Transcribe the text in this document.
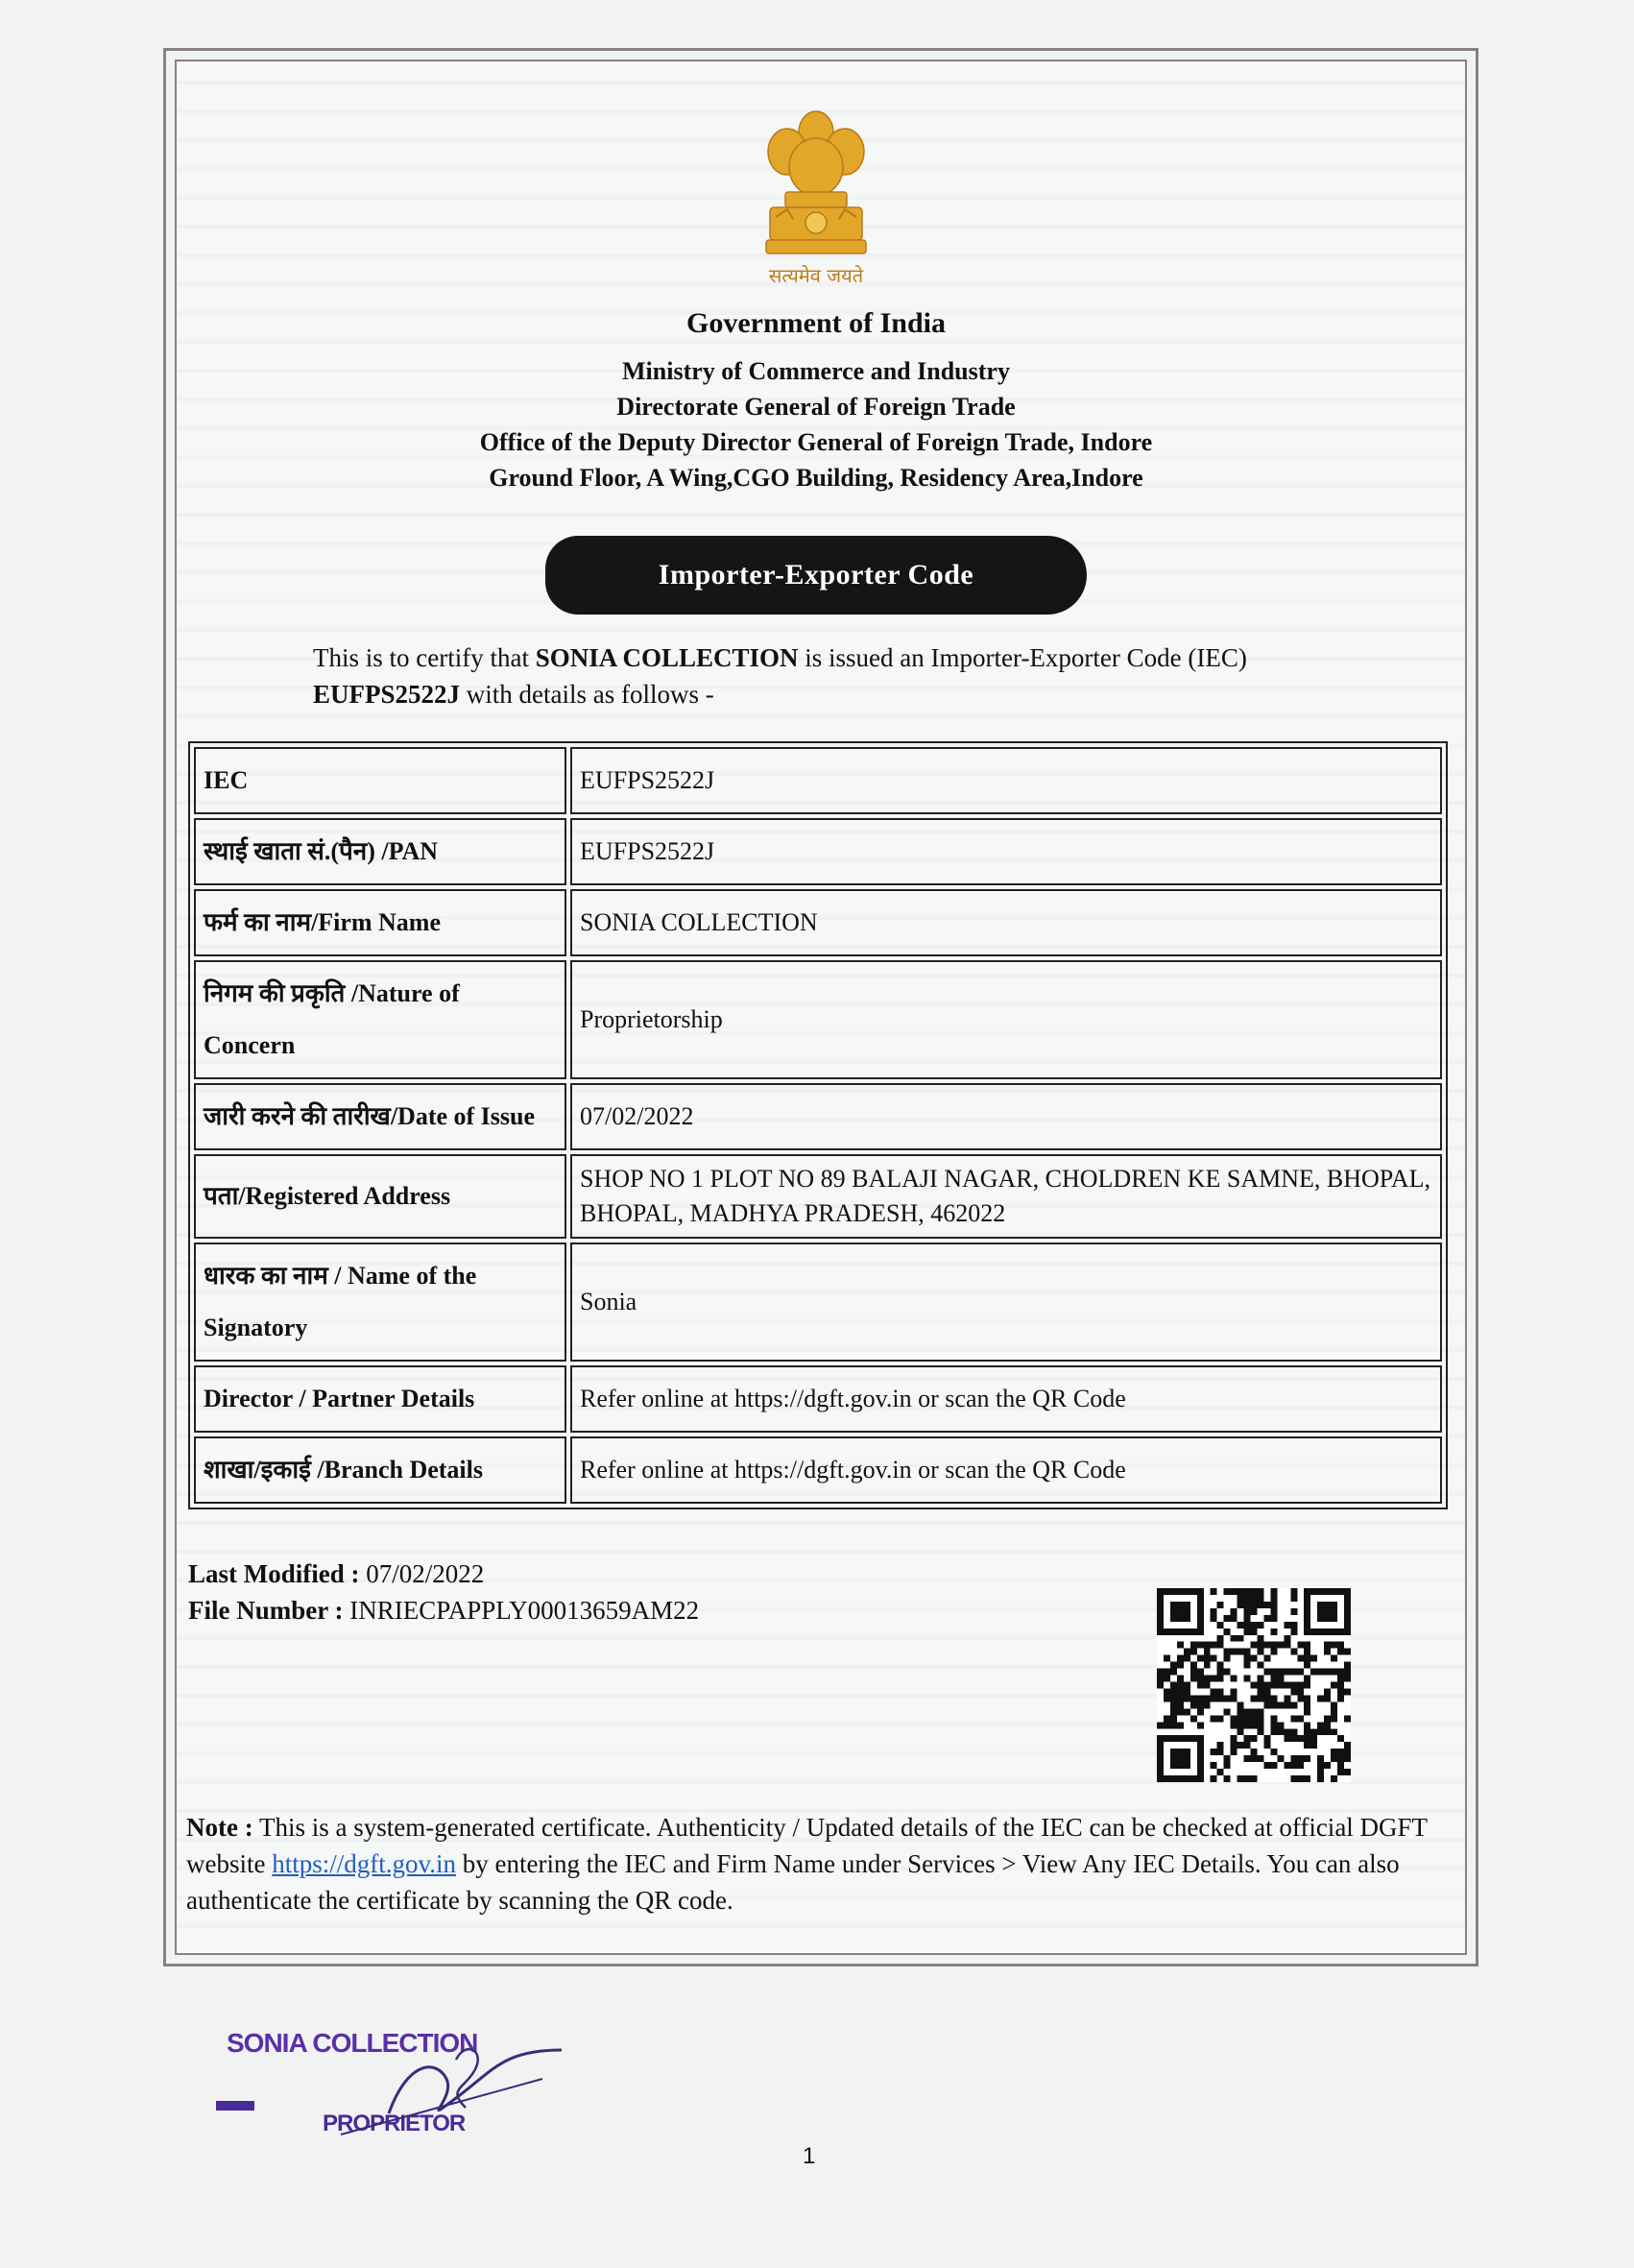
सत्यमेव जयते

Government of India

Ministry of Commerce and Industry

Directorate General of Foreign Trade

Office of the Deputy Director General of Foreign Trade, Indore

Ground Floor, A Wing,CGO Building, Residency Area,Indore

Importer-Exporter Code
This is to certify that SONIA COLLECTION is issued an Importer-Exporter Code (IEC) EUFPS2522J with details as follows -
IEC	EUFPS2522J
स्थाई खाता सं.(पैन) /PAN	EUFPS2522J
फर्म का नाम/Firm Name	SONIA COLLECTION
निगम की प्रकृति /Nature of Concern	Proprietorship
जारी करने की तारीख/Date of Issue	07/02/2022
पता/Registered Address	SHOP NO 1 PLOT NO 89 BALAJI NAGAR, CHOLDREN KE SAMNE, BHOPAL, BHOPAL, MADHYA PRADESH, 462022
धारक का नाम / Name of the Signatory	Sonia
Director / Partner Details	Refer online at https://dgft.gov.in or scan the QR Code
शाखा/इकाई /Branch Details	Refer online at https://dgft.gov.in or scan the QR Code
Last Modified : 07/02/2022
File Number : INRIECPAPPLY00013659AM22
Note : This is a system-generated certificate. Authenticity / Updated details of the IEC can be checked at official DGFT website https://dgft.gov.in by entering the IEC and Firm Name under Services > View Any IEC Details. You can also authenticate the certificate by scanning the QR code.
SONIA COLLECTION
PROPRIETOR
1
